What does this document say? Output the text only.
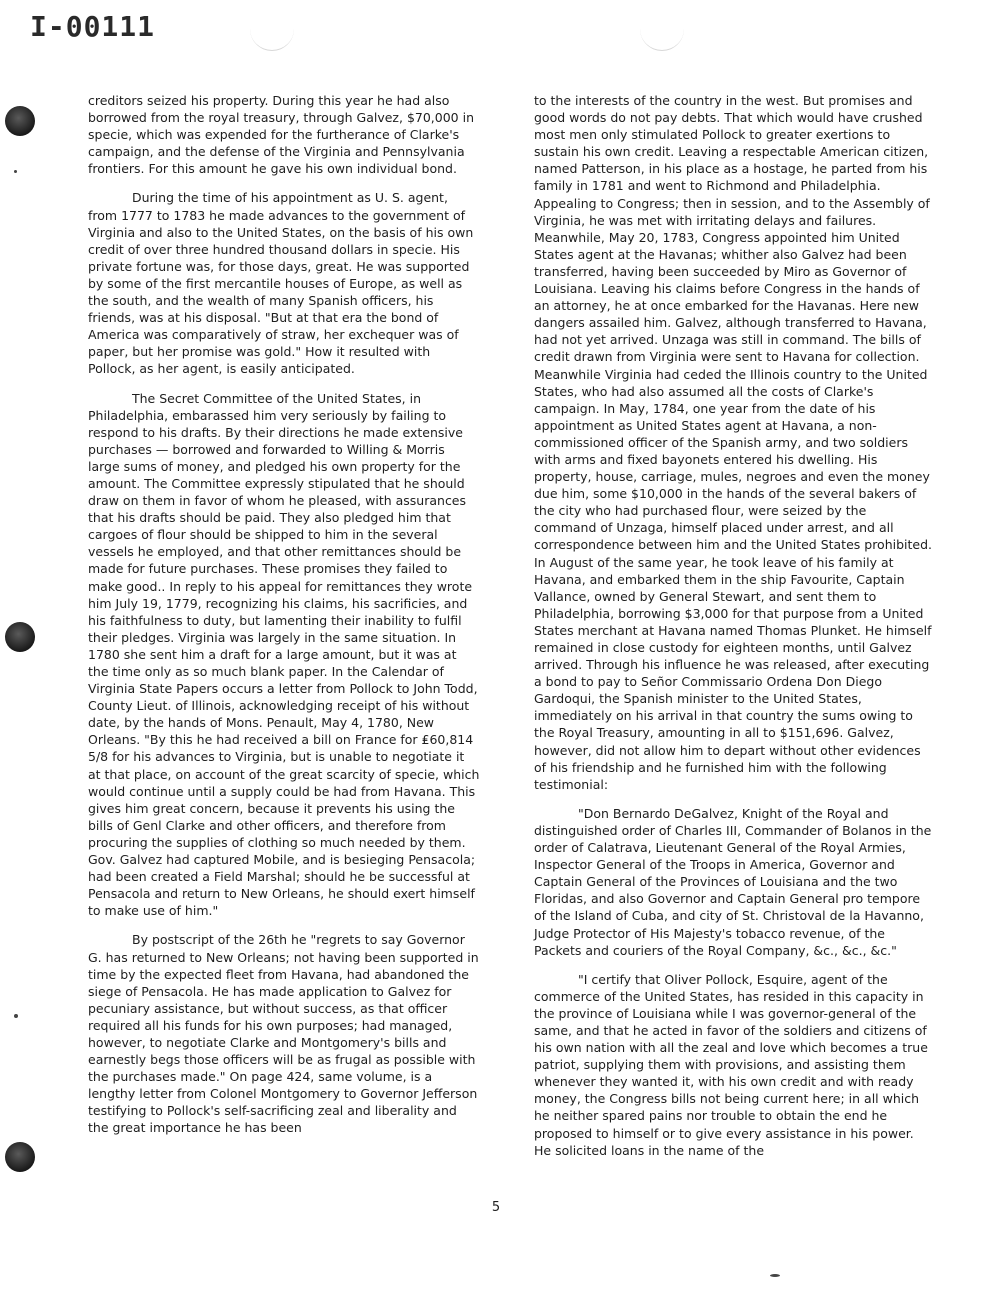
I-00111

creditors seized his property. During this year he had also borrowed from the royal treasury, through Galvez, $70,000 in specie, which was expended for the furtherance of Clarke's campaign, and the defense of the Virginia and Pennsylvania frontiers. For this amount he gave his own individual bond.

During the time of his appointment as U. S. agent, from 1777 to 1783 he made advances to the government of Virginia and also to the United States, on the basis of his own credit of over three hundred thousand dollars in specie. His private fortune was, for those days, great. He was supported by some of the first mercantile houses of Europe, as well as the south, and the wealth of many Spanish officers, his friends, was at his disposal. "But at that era the bond of America was comparatively of straw, her exchequer was of paper, but her promise was gold." How it resulted with Pollock, as her agent, is easily anticipated.

The Secret Committee of the United States, in Philadelphia, embarassed him very seriously by failing to respond to his drafts. By their directions he made extensive purchases — borrowed and forwarded to Willing & Morris large sums of money, and pledged his own property for the amount. The Committee expressly stipulated that he should draw on them in favor of whom he pleased, with assurances that his drafts should be paid. They also pledged him that cargoes of flour should be shipped to him in the several vessels he employed, and that other remittances should be made for future purchases. These promises they failed to make good.. In reply to his appeal for remittances they wrote him July 19, 1779, recognizing his claims, his sacrificies, and his faithfulness to duty, but lamenting their inability to fulfil their pledges. Virginia was largely in the same situation. In 1780 she sent him a draft for a large amount, but it was at the time only as so much blank paper. In the Calendar of Virginia State Papers occurs a letter from Pollock to John Todd, County Lieut. of Illinois, acknowledging receipt of his without date, by the hands of Mons. Penault, May 4, 1780, New Orleans. "By this he had received a bill on France for ₤60,814 5/8 for his advances to Virginia, but is unable to negotiate it at that place, on account of the great scarcity of specie, which would continue until a supply could be had from Havana. This gives him great concern, because it prevents his using the bills of Genl Clarke and other officers, and therefore from procuring the supplies of clothing so much needed by them. Gov. Galvez had captured Mobile, and is besieging Pensacola; had been created a Field Marshal; should he be successful at Pensacola and return to New Orleans, he should exert himself to make use of him."

By postscript of the 26th he "regrets to say Governor G. has returned to New Orleans; not having been supported in time by the expected fleet from Havana, had abandoned the siege of Pensacola. He has made application to Galvez for pecuniary assistance, but without success, as that officer required all his funds for his own purposes; had managed, however, to negotiate Clarke and Montgomery's bills and earnestly begs those officers will be as frugal as possible with the purchases made." On page 424, same volume, is a lengthy letter from Colonel Montgomery to Governor Jefferson testifying to Pollock's self-sacrificing zeal and liberality and the great importance he has been

to the interests of the country in the west. But promises and good words do not pay debts. That which would have crushed most men only stimulated Pollock to greater exertions to sustain his own credit. Leaving a respectable American citizen, named Patterson, in his place as a hostage, he parted from his family in 1781 and went to Richmond and Philadelphia. Appealing to Congress; then in session, and to the Assembly of Virginia, he was met with irritating delays and failures. Meanwhile, May 20, 1783, Congress appointed him United States agent at the Havanas; whither also Galvez had been transferred, having been succeeded by Miro as Governor of Louisiana. Leaving his claims before Congress in the hands of an attorney, he at once embarked for the Havanas. Here new dangers assailed him. Galvez, although transferred to Havana, had not yet arrived. Unzaga was still in command. The bills of credit drawn from Virginia were sent to Havana for collection. Meanwhile Virginia had ceded the Illinois country to the United States, who had also assumed all the costs of Clarke's campaign. In May, 1784, one year from the date of his appointment as United States agent at Havana, a non-commissioned officer of the Spanish army, and two soldiers with arms and fixed bayonets entered his dwelling. His property, house, carriage, mules, negroes and even the money due him, some $10,000 in the hands of the several bakers of the city who had purchased flour, were seized by the command of Unzaga, himself placed under arrest, and all correspondence between him and the United States prohibited. In August of the same year, he took leave of his family at Havana, and embarked them in the ship Favourite, Captain Vallance, owned by General Stewart, and sent them to Philadelphia, borrowing $3,000 for that purpose from a United States merchant at Havana named Thomas Plunket. He himself remained in close custody for eighteen months, until Galvez arrived. Through his influence he was released, after executing a bond to pay to Señor Commissario Ordena Don Diego Gardoqui, the Spanish minister to the United States, immediately on his arrival in that country the sums owing to the Royal Treasury, amounting in all to $151,696. Galvez, however, did not allow him to depart without other evidences of his friendship and he furnished him with the following testimonial:

"Don Bernardo DeGalvez, Knight of the Royal and distinguished order of Charles III, Commander of Bolanos in the order of Calatrava, Lieutenant General of the Royal Armies, Inspector General of the Troops in America, Governor and Captain General of the Provinces of Louisiana and the two Floridas, and also Governor and Captain General pro tempore of the Island of Cuba, and city of St. Christoval de la Havanno, Judge Protector of His Majesty's tobacco revenue, of the Packets and couriers of the Royal Company, &c., &c., &c."

"I certify that Oliver Pollock, Esquire, agent of the commerce of the United States, has resided in this capacity in the province of Louisiana while I was governor-general of the same, and that he acted in favor of the soldiers and citizens of his own nation with all the zeal and love which becomes a true patriot, supplying them with provisions, and assisting them whenever they wanted it, with his own credit and with ready money, the Congress bills not being current here; in all which he neither spared pains nor trouble to obtain the end he proposed to himself or to give every assistance in his power. He solicited loans in the name of the

5
